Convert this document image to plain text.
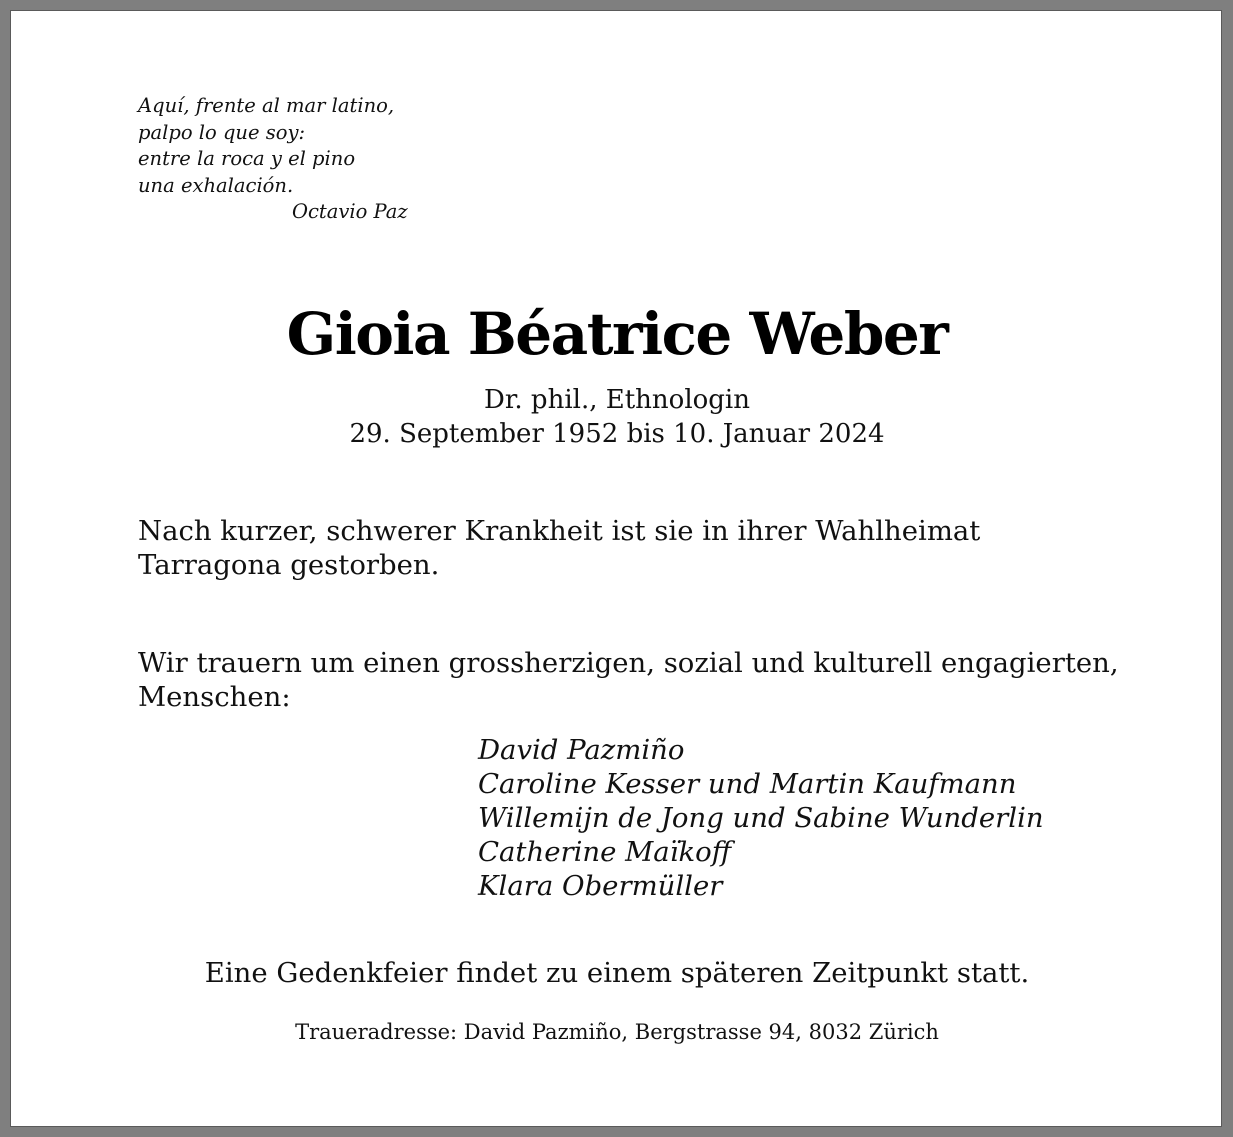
Aquí, frente al mar latino,
palpo lo que soy:
entre la roca y el pino
una exhalación.
Octavio Paz
Gioia Béatrice Weber
Dr. phil., Ethnologin
29. September 1952 bis 10. Januar 2024
Nach kurzer, schwerer Krankheit ist sie in ihrer Wahlheimat Tarragona gestorben.
Wir trauern um einen grossherzigen, sozial und kulturell engagierten, Menschen:
David Pazmiño
Caroline Kesser und Martin Kaufmann
Willemijn de Jong und Sabine Wunderlin
Catherine Maïkoff
Klara Obermüller
Eine Gedenkfeier findet zu einem späteren Zeitpunkt statt.
Traueradresse: David Pazmiño, Bergstrasse 94, 8032 Zürich
